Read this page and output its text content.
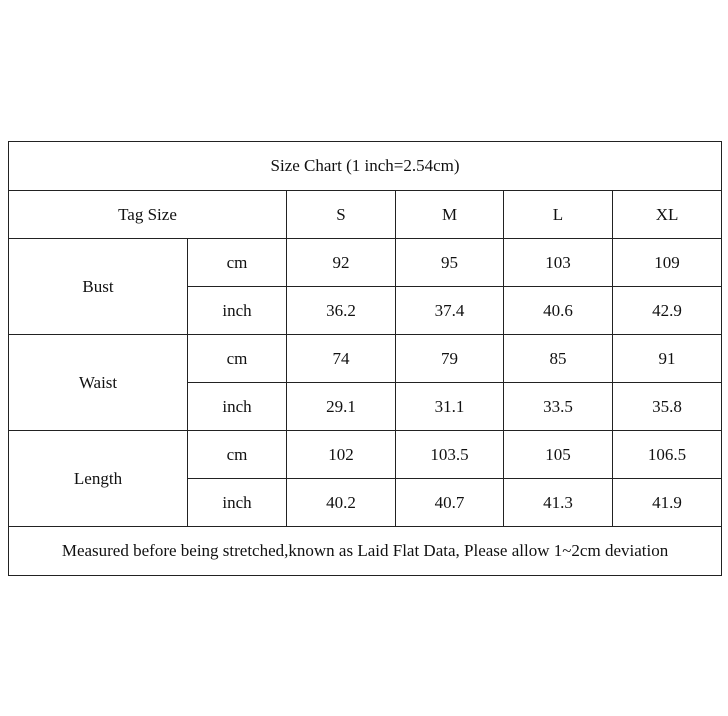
Size Chart (1 inch=2.54cm)					
Tag Size		S	M	L	XL
Bust	cm	92	95	103	109
	inch	36.2	37.4	40.6	42.9
Waist	cm	74	79	85	91
	inch	29.1	31.1	33.5	35.8
Length	cm	102	103.5	105	106.5
	inch	40.2	40.7	41.3	41.9
Measured before being stretched,known as Laid Flat Data, Please allow 1~2cm deviation					
